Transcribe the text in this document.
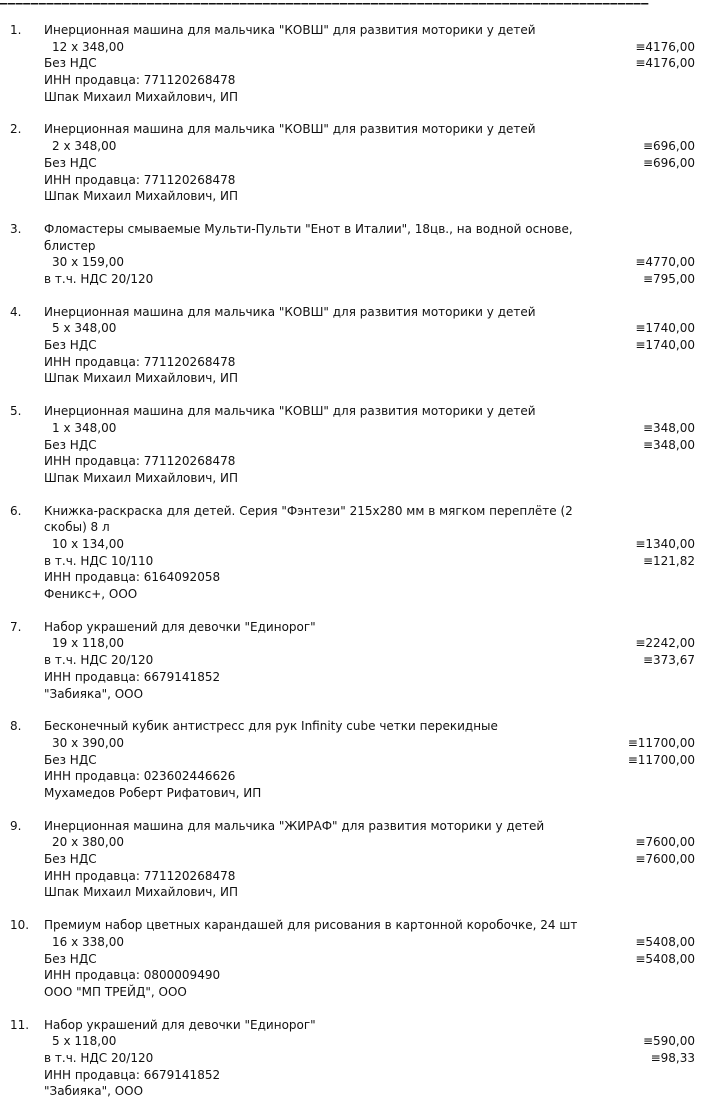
––––––––––––––––––––––––––––––––––––––––––––––––––––––––––––––––––––––––––––––––––––
1.	Инерционная машина для мальчика "КОВШ" для развития моторики у детей
12 x 348,00	≡4176,00
Без НДС	≡4176,00
ИНН продавца: 771120268478
Шпак Михаил Михайлович, ИП
2.	Инерционная машина для мальчика "КОВШ" для развития моторики у детей
2 x 348,00	≡696,00
Без НДС	≡696,00
ИНН продавца: 771120268478
Шпак Михаил Михайлович, ИП
3.	Фломастеры смываемые Мульти-Пульти "Енот в Италии", 18цв., на водной основе, блистер
30 x 159,00	≡4770,00
в т.ч. НДС 20/120	≡795,00
4.	Инерционная машина для мальчика "КОВШ" для развития моторики у детей
5 x 348,00	≡1740,00
Без НДС	≡1740,00
ИНН продавца: 771120268478
Шпак Михаил Михайлович, ИП
5.	Инерционная машина для мальчика "КОВШ" для развития моторики у детей
1 x 348,00	≡348,00
Без НДС	≡348,00
ИНН продавца: 771120268478
Шпак Михаил Михайлович, ИП
6.	Книжка-раскраска для детей. Серия "Фэнтези" 215x280 мм в мягком переплёте (2 скобы) 8 л
10 x 134,00	≡1340,00
в т.ч. НДС 10/110	≡121,82
ИНН продавца: 6164092058
Феникс+, ООО
7.	Набор украшений для девочки "Единорог"
19 x 118,00	≡2242,00
в т.ч. НДС 20/120	≡373,67
ИНН продавца: 6679141852
"Забияка", ООО
8.	Бесконечный кубик антистресс для рук Infinity cube четки перекидные
30 x 390,00	≡11700,00
Без НДС	≡11700,00
ИНН продавца: 023602446626
Мухамедов Роберт Рифатович, ИП
9.	Инерционная машина для мальчика "ЖИРАФ" для развития моторики у детей
20 x 380,00	≡7600,00
Без НДС	≡7600,00
ИНН продавца: 771120268478
Шпак Михаил Михайлович, ИП
10.	Премиум набор цветных карандашей для рисования в картонной коробочке, 24 шт
16 x 338,00	≡5408,00
Без НДС	≡5408,00
ИНН продавца: 0800009490
ООО "МП ТРЕЙД", ООО
11.	Набор украшений для девочки "Единорог"
5 x 118,00	≡590,00
в т.ч. НДС 20/120	≡98,33
ИНН продавца: 6679141852
"Забияка", ООО
